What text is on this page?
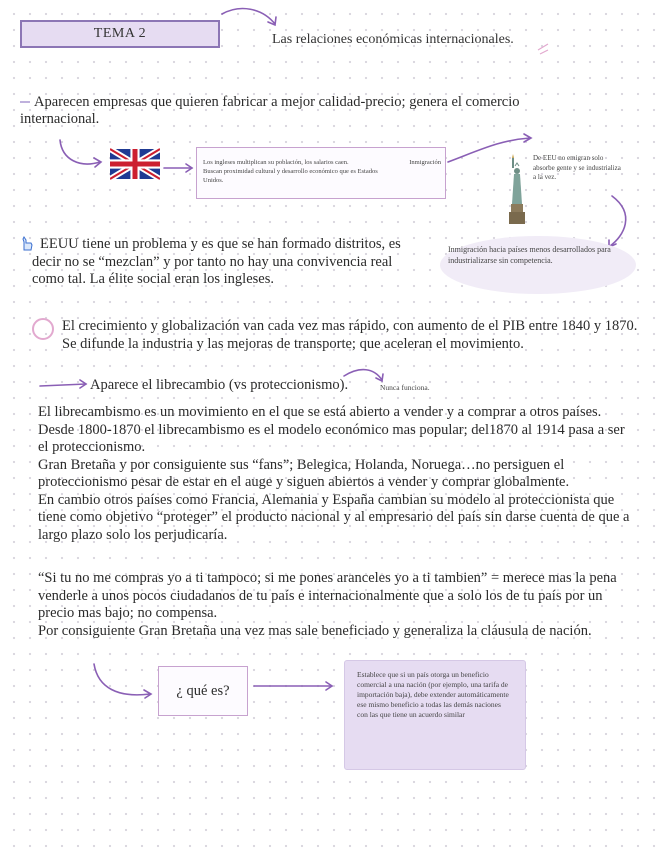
TEMA 2	Las relaciones económicas internacionales.
Aparecen empresas que quieren fabricar a mejor calidad-precio; genera el comercio internacional.
Los ingleses multiplican su población, los salarios caen.
Buscan proximidad cultural y desarrollo económico que es Estados Unidos.
Inmigración
De EEU no emigran solo absorbe gente y se industrializa a la vez.
EEUU tiene un problema y es que se han formado distritos, es decir no se “mezclan” y por tanto no hay una convivencia real como tal. La élite social eran los ingleses.
Inmigración hacia países menos desarrollados para industrializarse sin competencia.
El crecimiento y globalización van cada vez mas rápido, con aumento de el PIB entre 1840 y 1870. Se difunde la industria y las mejoras de transporte; que aceleran el movimiento.
Aparece el librecambio (vs proteccionismo).	Nunca funciona.
El librecambismo es un movimiento en el que se está abierto a vender y a comprar a otros países. Desde 1800-1870 el librecambismo es el modelo económico mas popular; del1870 al 1914 pasa a ser el proteccionismo.
Gran Bretaña y por consiguiente sus “fans”; Belegica, Holanda, Noruega…no persiguen el proteccionismo pesar de estar en el auge y siguen abiertos a vender y comprar globalmente.
En cambio otros países como Francia, Alemania y España cambian su modelo al proteccionista que tiene como objetivo “proteger” el producto nacional y al empresario del país sin darse cuenta de que a largo plazo solo los perjudicaría.
“Si tu no me compras yo a ti tampoco; si me pones aranceles yo a ti tambien” = merece mas la pena venderle a unos pocos ciudadanos de tu país e internacionalmente que a solo los de tu país por un precio mas bajo; no compensa.
Por consiguiente Gran Bretaña una vez mas sale beneficiado y generaliza la cláusula de nación.
¿ qué es?
Establece que si un país otorga un beneficio comercial a una nación (por ejemplo, una tarifa de importación baja), debe extender automáticamente ese mismo beneficio a todas las demás naciones con las que tiene un acuerdo similar
